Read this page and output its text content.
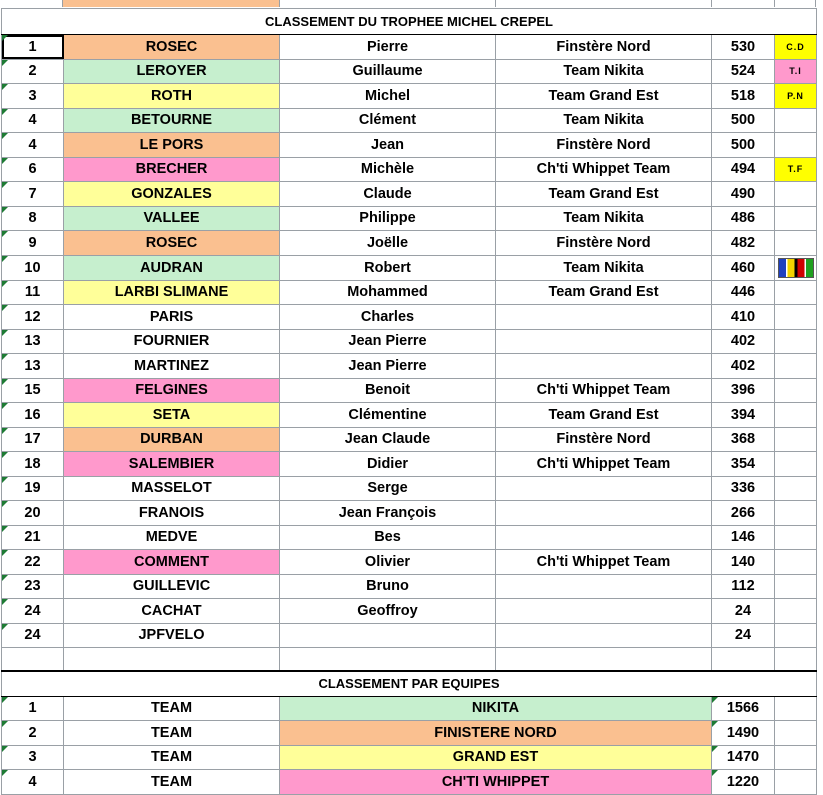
CLASSEMENT DU TROPHEE MICHEL CREPEL					
1	ROSEC	Pierre	Finstère Nord	530	C.D
2	LEROYER	Guillaume	Team Nikita	524	T.I
3	ROTH	Michel	Team Grand Est	518	P.N
4	BETOURNE	Clément	Team Nikita	500	
4	LE PORS	Jean	Finstère Nord	500	
6	BRECHER	Michèle	Ch'ti Whippet Team	494	T.F
7	GONZALES	Claude	Team Grand Est	490	
8	VALLEE	Philippe	Team Nikita	486	
9	ROSEC	Joëlle	Finstère Nord	482	
10	AUDRAN	Robert	Team Nikita	460	

11	LARBI SLIMANE	Mohammed	Team Grand Est	446	
12	PARIS	Charles		410	
13	FOURNIER	Jean Pierre		402	
13	MARTINEZ	Jean Pierre		402	
15	FELGINES	Benoit	Ch'ti Whippet Team	396	
16	SETA	Clémentine	Team Grand Est	394	
17	DURBAN	Jean Claude	Finstère Nord	368	
18	SALEMBIER	Didier	Ch'ti Whippet Team	354	
19	MASSELOT	Serge		336	
20	FRANOIS	Jean François		266	
21	MEDVE	Bes		146	
22	COMMENT	Olivier	Ch'ti Whippet Team	140	
23	GUILLEVIC	Bruno		112	
24	CACHAT	Geoffroy		24	
24	JPFVELO			24	

CLASSEMENT PAR EQUIPES					
1	TEAM	NIKITA		1566

2	TEAM	FINISTERE NORD		1490

3	TEAM	GRAND EST		1470

4	TEAM	CH'TI WHIPPET		1220
